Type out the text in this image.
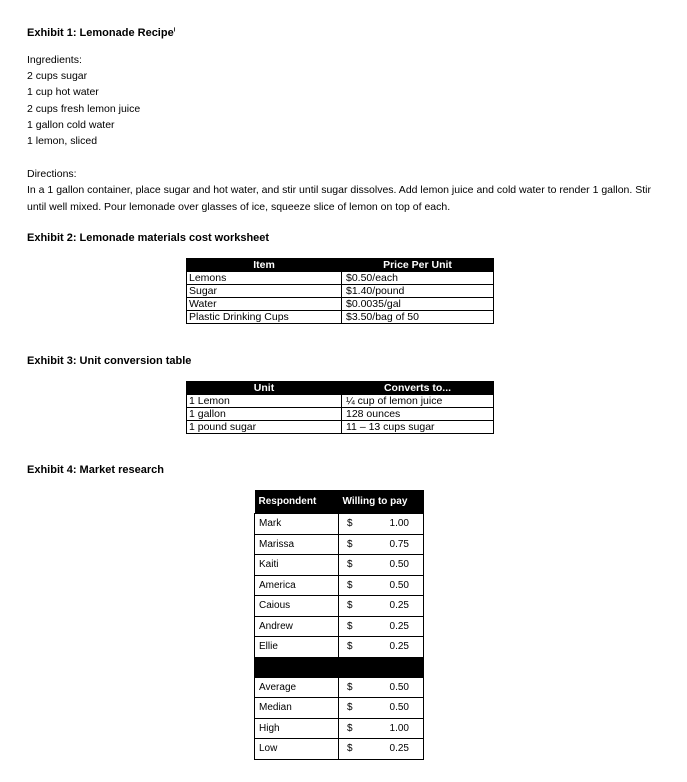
Exhibit 1: Lemonade Recipe$^i$
Ingredients:
2 cups sugar
1 cup hot water
2 cups fresh lemon juice
1 gallon cold water
1 lemon, sliced
Directions:
In a 1 gallon container, place sugar and hot water, and stir until sugar dissolves. Add lemon juice and cold water to render 1 gallon. Stir until well mixed. Pour lemonade over glasses of ice, squeeze slice of lemon on top of each.
Exhibit 2: Lemonade materials cost worksheet
Item	Price Per Unit
Lemons	$0.50/each
Sugar	$1.40/pound
Water	$0.0035/gal
Plastic Drinking Cups	$3.50/bag of 50
Exhibit 3: Unit conversion table
Unit	Converts to...
1 Lemon	¼ cup of lemon juice
1 gallon	128 ounces
1 pound sugar	11 – 13 cups sugar
Exhibit 4: Market research
Respondent	Willing to pay
Mark	$ 1.00
Marissa	$ 0.75
Kaiti	$ 0.50
America	$ 0.50
Caious	$ 0.25
Andrew	$ 0.25
Ellie	$ 0.25

Average	$ 0.50
Median	$ 0.50
High	$ 1.00
Low	$ 0.25
